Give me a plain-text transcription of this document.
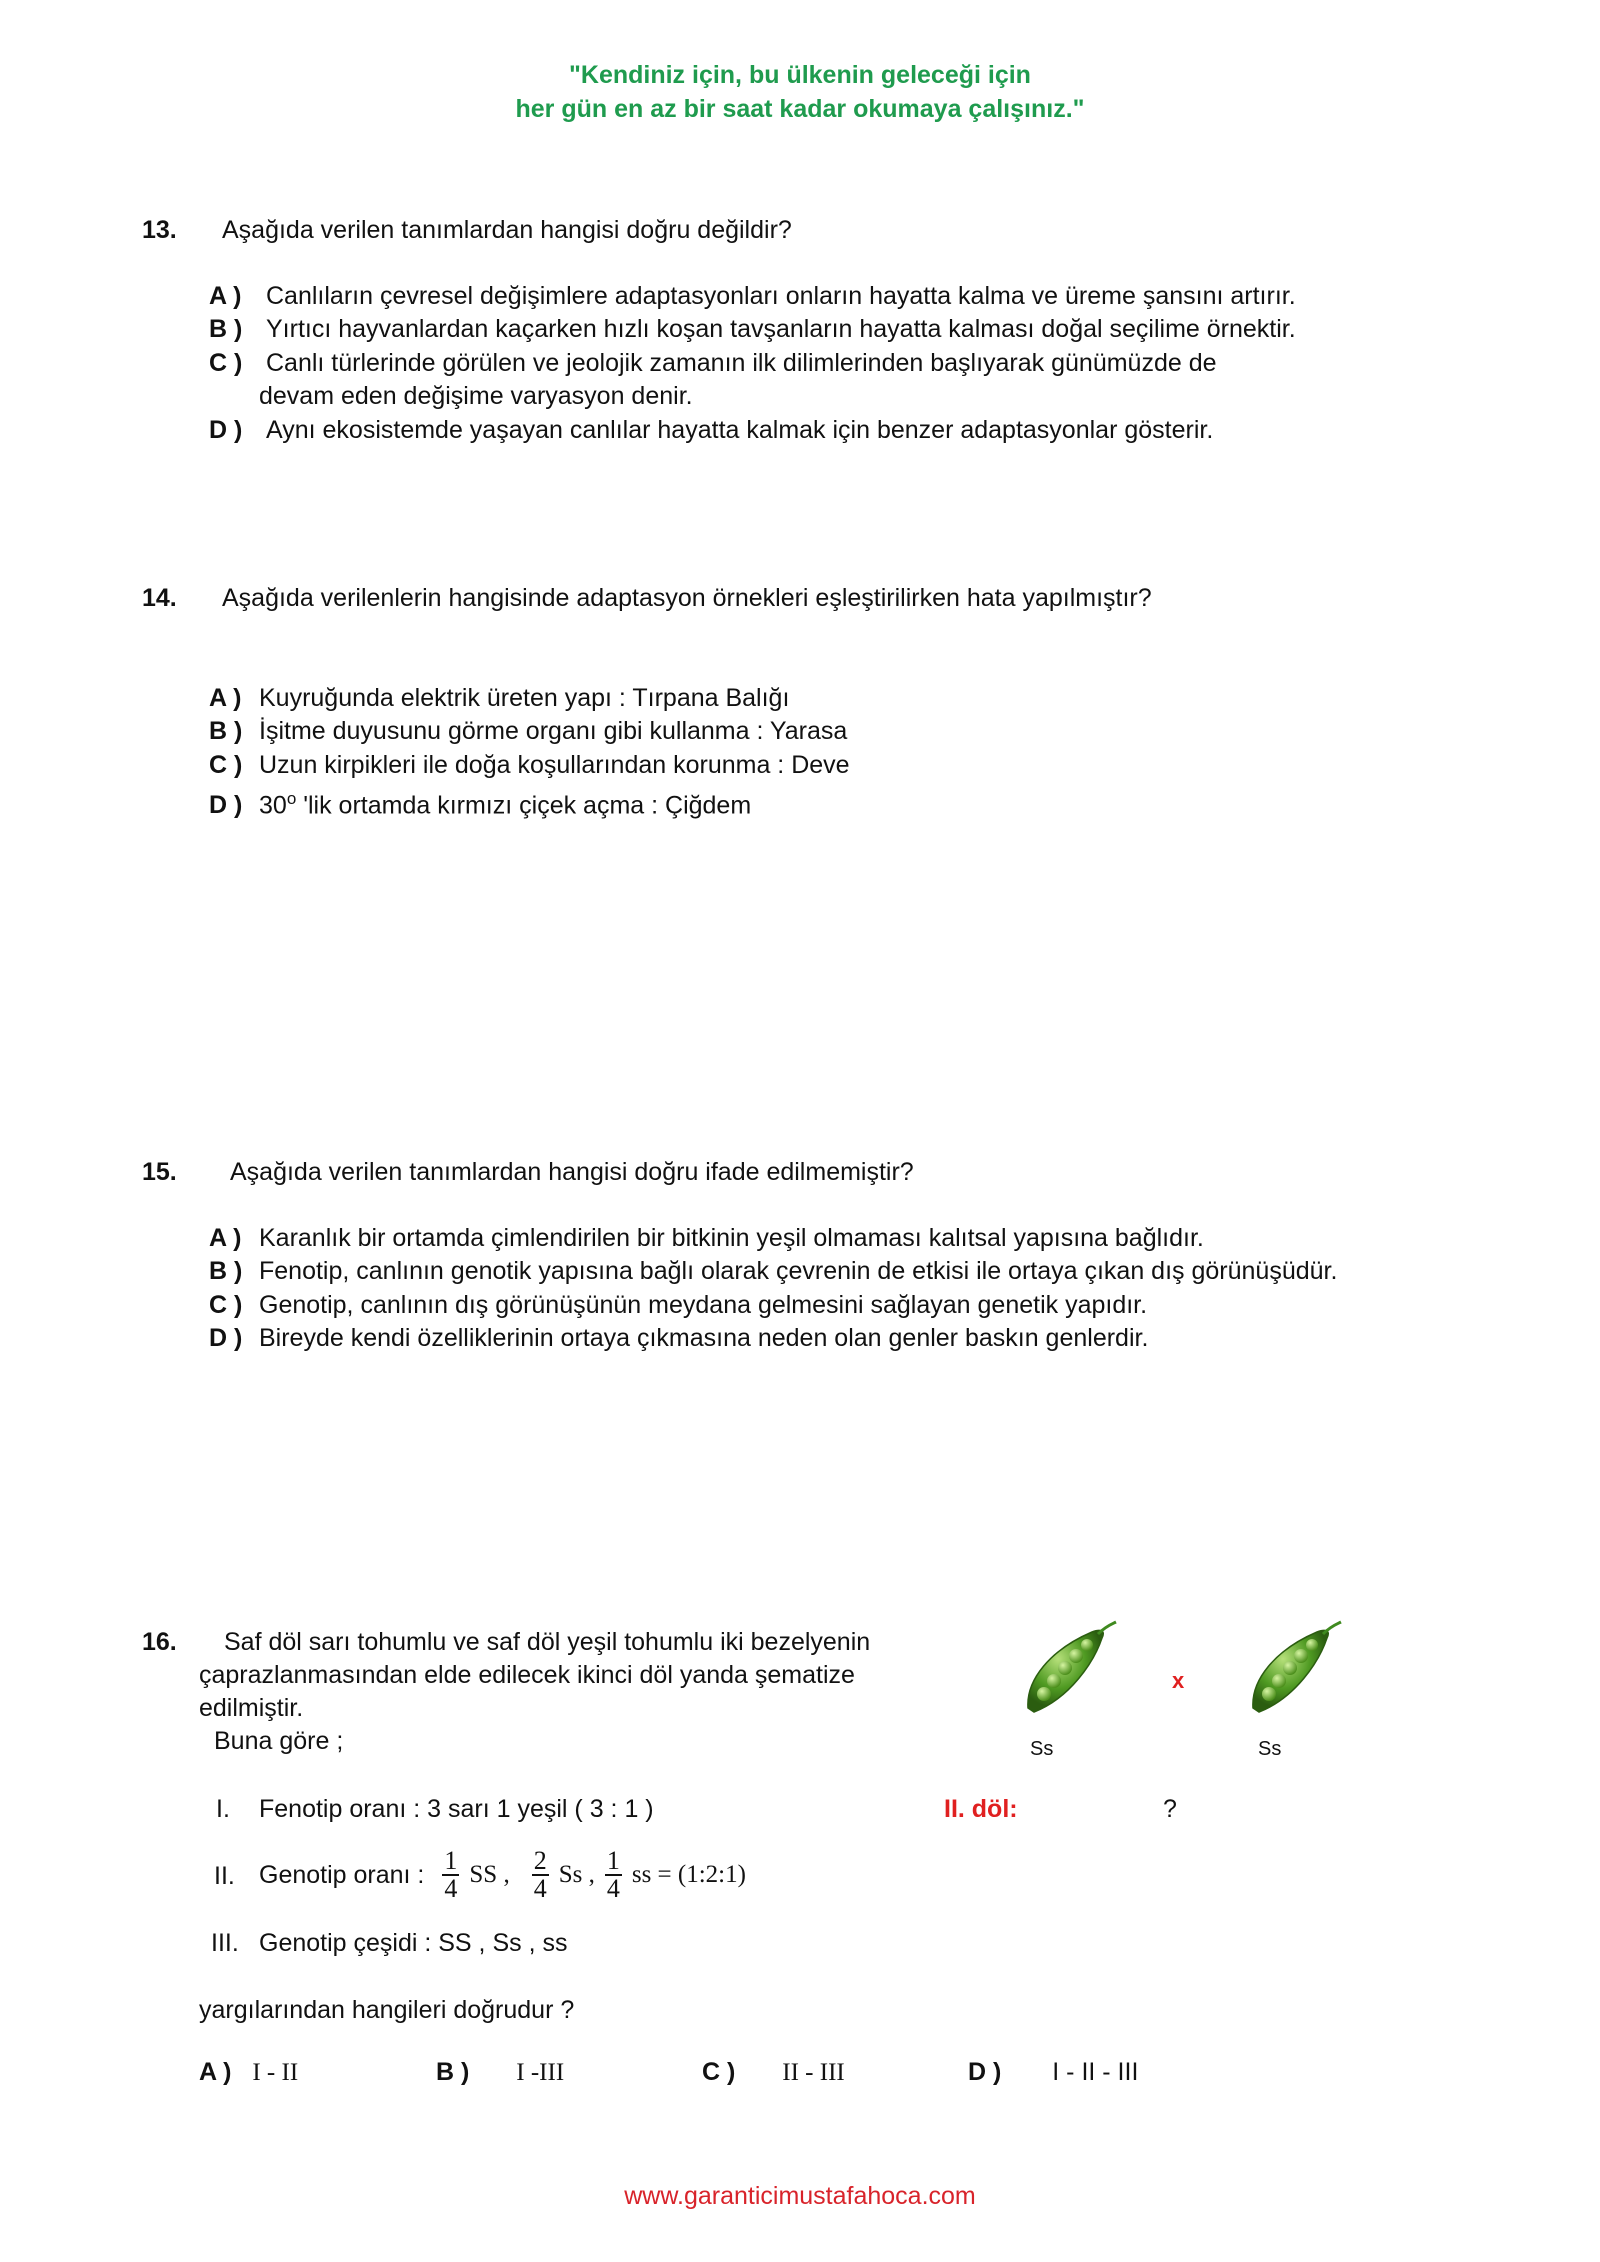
"Kendiniz için, bu ülkenin geleceği için
her gün en az bir saat kadar okumaya çalışınız."
13. Aşağıda verilen tanımlardan hangisi doğru değildir?
A ) Canlıların çevresel değişimlere adaptasyonları onların hayatta kalma ve üreme şansını artırır.
B ) Yırtıcı hayvanlardan kaçarken hızlı koşan tavşanların hayatta kalması doğal seçilime örnektir.
C ) Canlı türlerinde görülen ve jeolojik zamanın ilk dilimlerinden başlıyarak günümüzde de
devam eden değişime varyasyon denir.
D ) Aynı ekosistemde yaşayan canlılar hayatta kalmak için benzer adaptasyonlar gösterir.
14. Aşağıda verilenlerin hangisinde adaptasyon örnekleri eşleştirilirken hata yapılmıştır?
A ) Kuyruğunda elektrik üreten yapı : Tırpana Balığı
B ) İşitme duyusunu görme organı gibi kullanma : Yarasa
C ) Uzun kirpikleri ile doğa koşullarından korunma : Deve
D ) 30$^o$ 'lik ortamda kırmızı çiçek açma : Çiğdem
15. Aşağıda verilen tanımlardan hangisi doğru ifade edilmemiştir?
A ) Karanlık bir ortamda çimlendirilen bir bitkinin yeşil olmaması kalıtsal yapısına bağlıdır.
B ) Fenotip, canlının genotik yapısına bağlı olarak çevrenin de etkisi ile ortaya çıkan dış görünüşüdür.
C ) Genotip, canlının dış görünüşünün meydana gelmesini sağlayan genetik yapıdır.
D ) Bireyde kendi özelliklerinin ortaya çıkmasına neden olan genler baskın genlerdir.
16. Saf döl sarı tohumlu ve saf döl yeşil tohumlu iki bezelyenin
çaprazlanmasından elde edilecek ikinci döl yanda şematize
edilmiştir.
Buna göre ;	Ss
x
Ss
II. döl:	?
I. Fenotip oranı : 3 sarı 1 yeşil ( 3 : 1 )
II. Genotip oranı : $\frac{1}{4}$ SS , $\frac{2}{4}$ Ss , $\frac{1}{4}$ ss = (1:2:1)
III. Genotip çeşidi : SS , Ss , ss
yargılarından hangileri doğrudur ?
A ) I - II	B ) I -III	C ) II - III	D ) I - II - III
www.garanticimustafahoca.com
